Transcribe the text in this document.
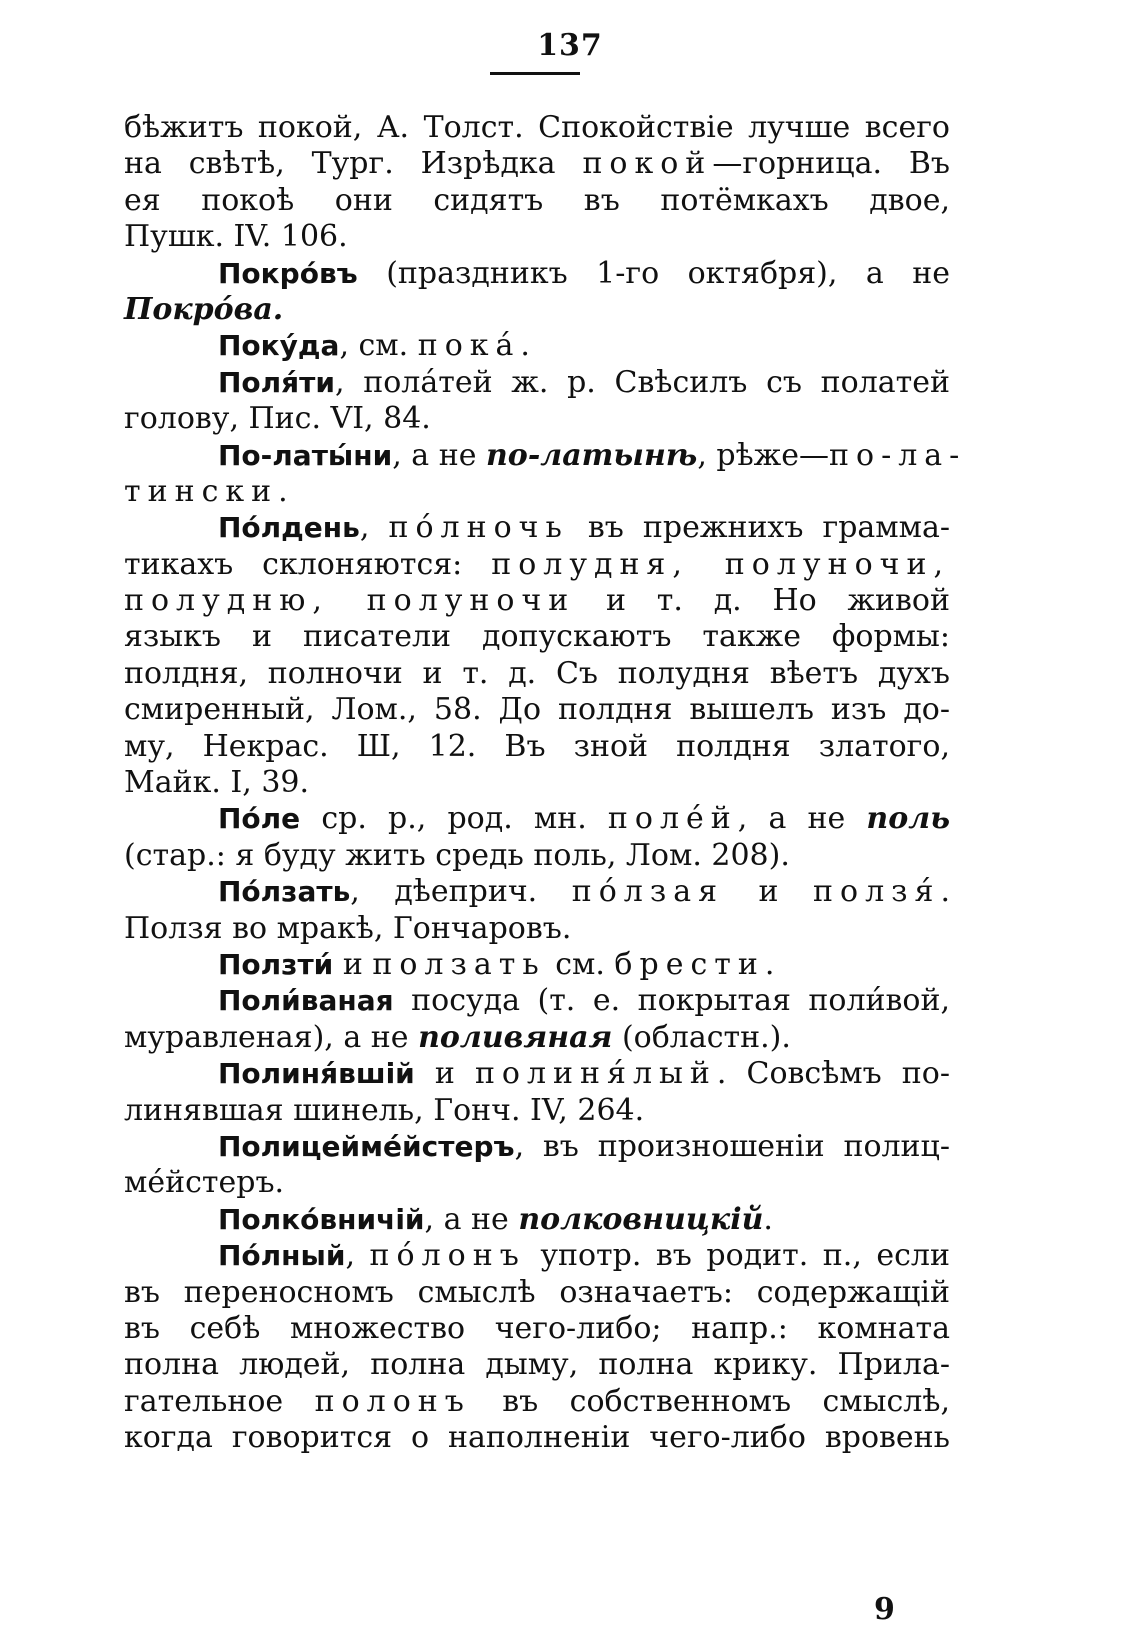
137
бѣжитъ покой, А. Толст. Спокойствіе лучше всего
на свѣтѣ, Тург. Изрѣдка покой—горница. Въ
ея покоѣ они сидятъ въ потёмкахъ двое,
Пушк. IV. 106.
Покрóвъ (праздникъ 1-го октября), а не
Покрóва.
Покýда, см. покá.
Поля́ти, полáтей ж. р. Свѣсилъ съ полатей
голову, Пис. VI, 84.
По-латы́ни, а не по-латынѣ, рѣже—по-ла-
тински.
Пóлдень, пóлночь въ прежнихъ грамма-
тикахъ склоняются: полудня, полуночи,
полудню, полуночи и т. д. Но живой
языкъ и писатели допускаютъ также формы:
полдня, полночи и т. д. Съ полудня вѣетъ духъ
смиренный, Лом., 58. До полдня вышелъ изъ до-
му, Некрас. Ш, 12. Въ зной полдня златого,
Майк. I, 39.
Пóле ср. р., род. мн. полéй, а не поль
(стар.: я буду жить средь поль, Лом. 208).
Пóлзать, дѣеприч. пóлзая и ползя́.
Ползя во мракѣ, Гончаровъ.
Ползти́ и ползать см. брести.
Поли́ваная посуда (т. е. покрытая поли́вой,
муравленая), а не поливяная (областн.).
Полиня́вшій и полиня́лый. Совсѣмъ по-
линявшая шинель, Гонч. IV, 264.
Полицейме́йстеръ, въ произношеніи полиц-
ме́йстеръ.
Полкóвничій, а не полковницкій.
Пóлный, пóлонъ употр. въ родит. п., если
въ переносномъ смыслѣ означаетъ: содержащій
въ себѣ множество чего-либо; напр.: комната
полна людей, полна дыму, полна крику. Прила-
гательное полонъ въ собственномъ смыслѣ,
когда говорится о наполненіи чего-либо вровень
9
